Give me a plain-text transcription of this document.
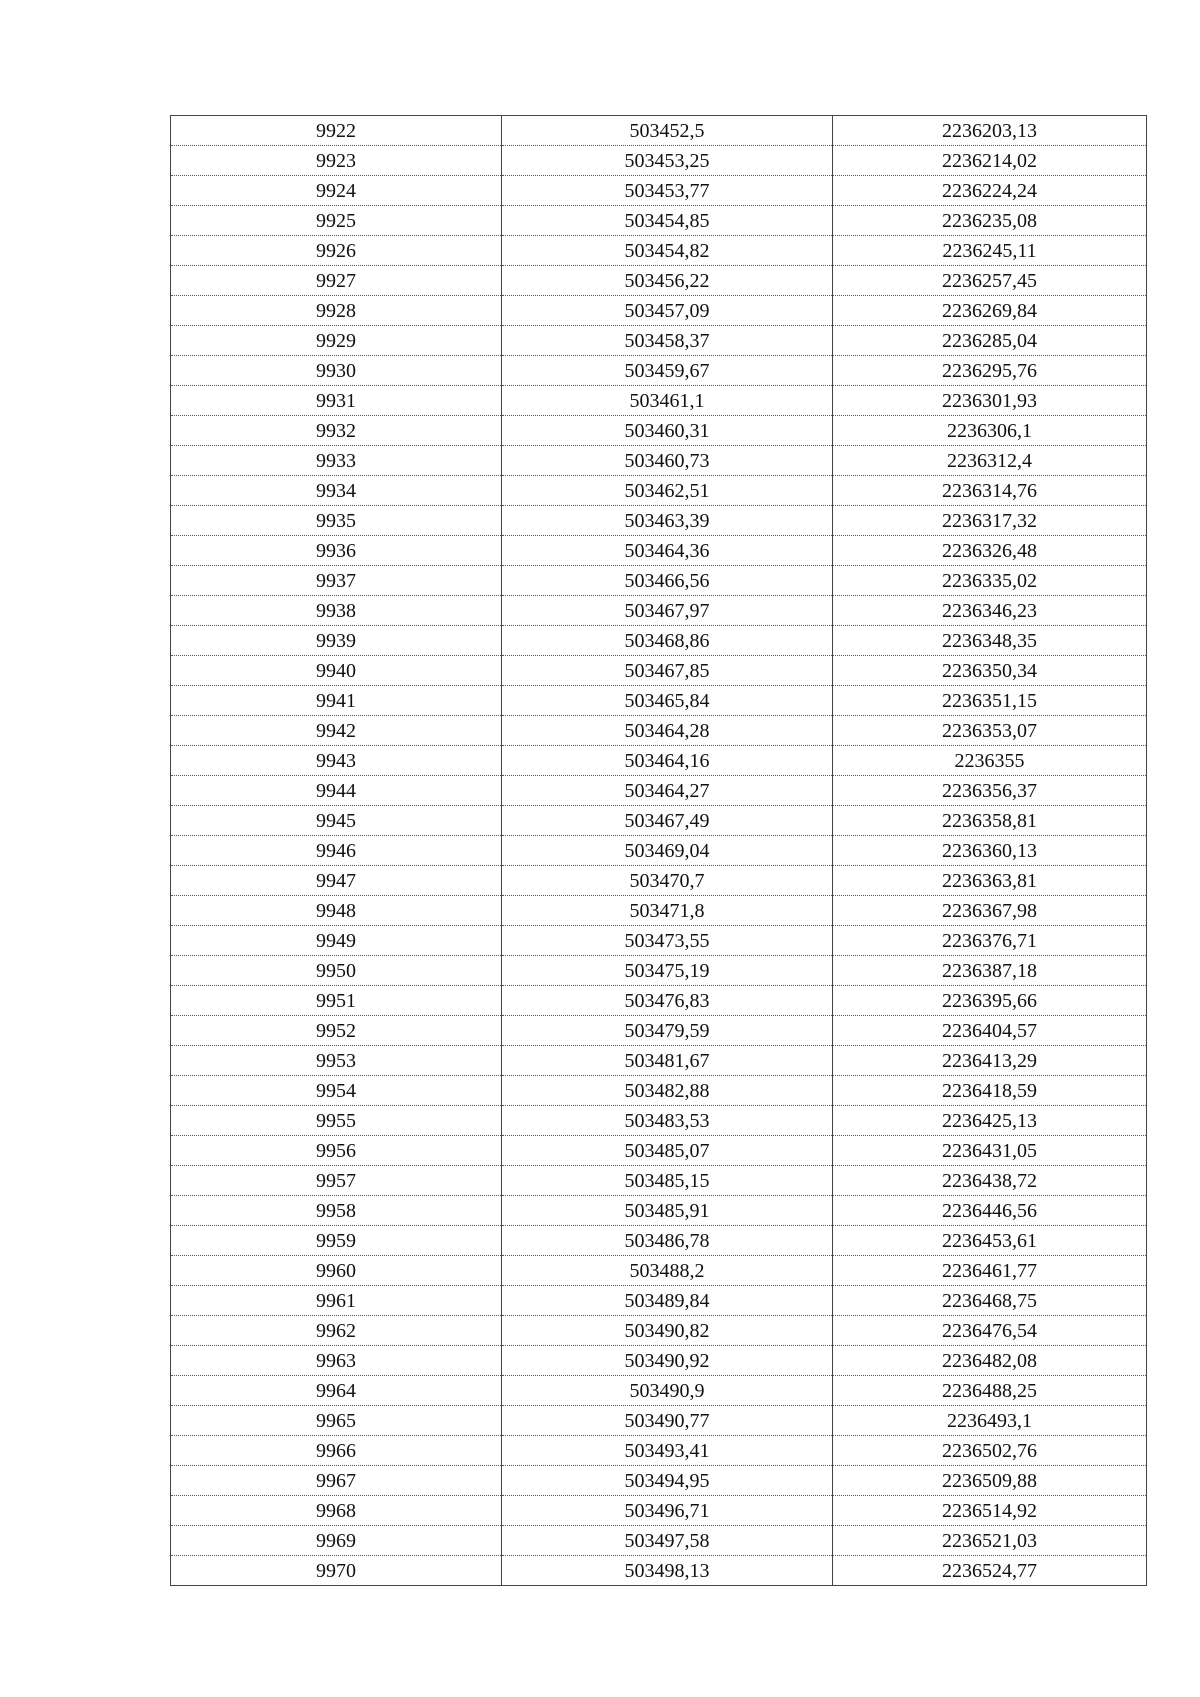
9922	503452,5	2236203,13
9923	503453,25	2236214,02
9924	503453,77	2236224,24
9925	503454,85	2236235,08
9926	503454,82	2236245,11
9927	503456,22	2236257,45
9928	503457,09	2236269,84
9929	503458,37	2236285,04
9930	503459,67	2236295,76
9931	503461,1	2236301,93
9932	503460,31	2236306,1
9933	503460,73	2236312,4
9934	503462,51	2236314,76
9935	503463,39	2236317,32
9936	503464,36	2236326,48
9937	503466,56	2236335,02
9938	503467,97	2236346,23
9939	503468,86	2236348,35
9940	503467,85	2236350,34
9941	503465,84	2236351,15
9942	503464,28	2236353,07
9943	503464,16	2236355
9944	503464,27	2236356,37
9945	503467,49	2236358,81
9946	503469,04	2236360,13
9947	503470,7	2236363,81
9948	503471,8	2236367,98
9949	503473,55	2236376,71
9950	503475,19	2236387,18
9951	503476,83	2236395,66
9952	503479,59	2236404,57
9953	503481,67	2236413,29
9954	503482,88	2236418,59
9955	503483,53	2236425,13
9956	503485,07	2236431,05
9957	503485,15	2236438,72
9958	503485,91	2236446,56
9959	503486,78	2236453,61
9960	503488,2	2236461,77
9961	503489,84	2236468,75
9962	503490,82	2236476,54
9963	503490,92	2236482,08
9964	503490,9	2236488,25
9965	503490,77	2236493,1
9966	503493,41	2236502,76
9967	503494,95	2236509,88
9968	503496,71	2236514,92
9969	503497,58	2236521,03
9970	503498,13	2236524,77
